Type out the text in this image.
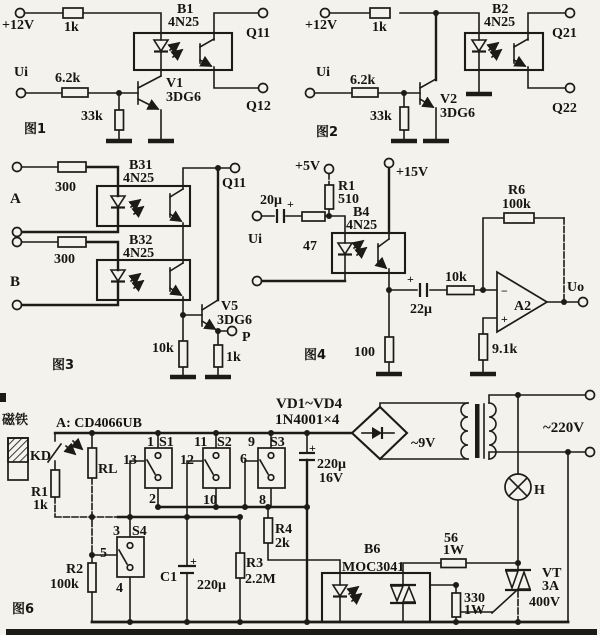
+12V 1k
B1
4N25
Q11
Q12
Ui 6.2k
33k
V1
3DG6
图1
+12V 1k
B2
4N25
Q21
Q22
Ui
6.2k
33k
V2
3DG6
图2
300
A
B31
4N25	Q11
300
B32
4N25
B
V5
3DG6
10k
1k
P
图3
+5V
R1
510
+15V
20μ +
Ui	47
B4
4N25
+
22μ
10k
R6
100k
A2
−
+
Uo
9.1k
100
图4
磁铁 A: CD4066UB
KD
RL
R1
1k
1 S1
13
2
11 S2
12
10
9 S3
6
8
3 S4
5
4
R2
100k	C1
+
220μ
R3
2.2M
R4
2k
VD1~VD4
1N4001×4
+
220μ
16V
~9V
~220V
H
B6
MOC3041
56
1W
330
1W
VT
3A
400V
图6
